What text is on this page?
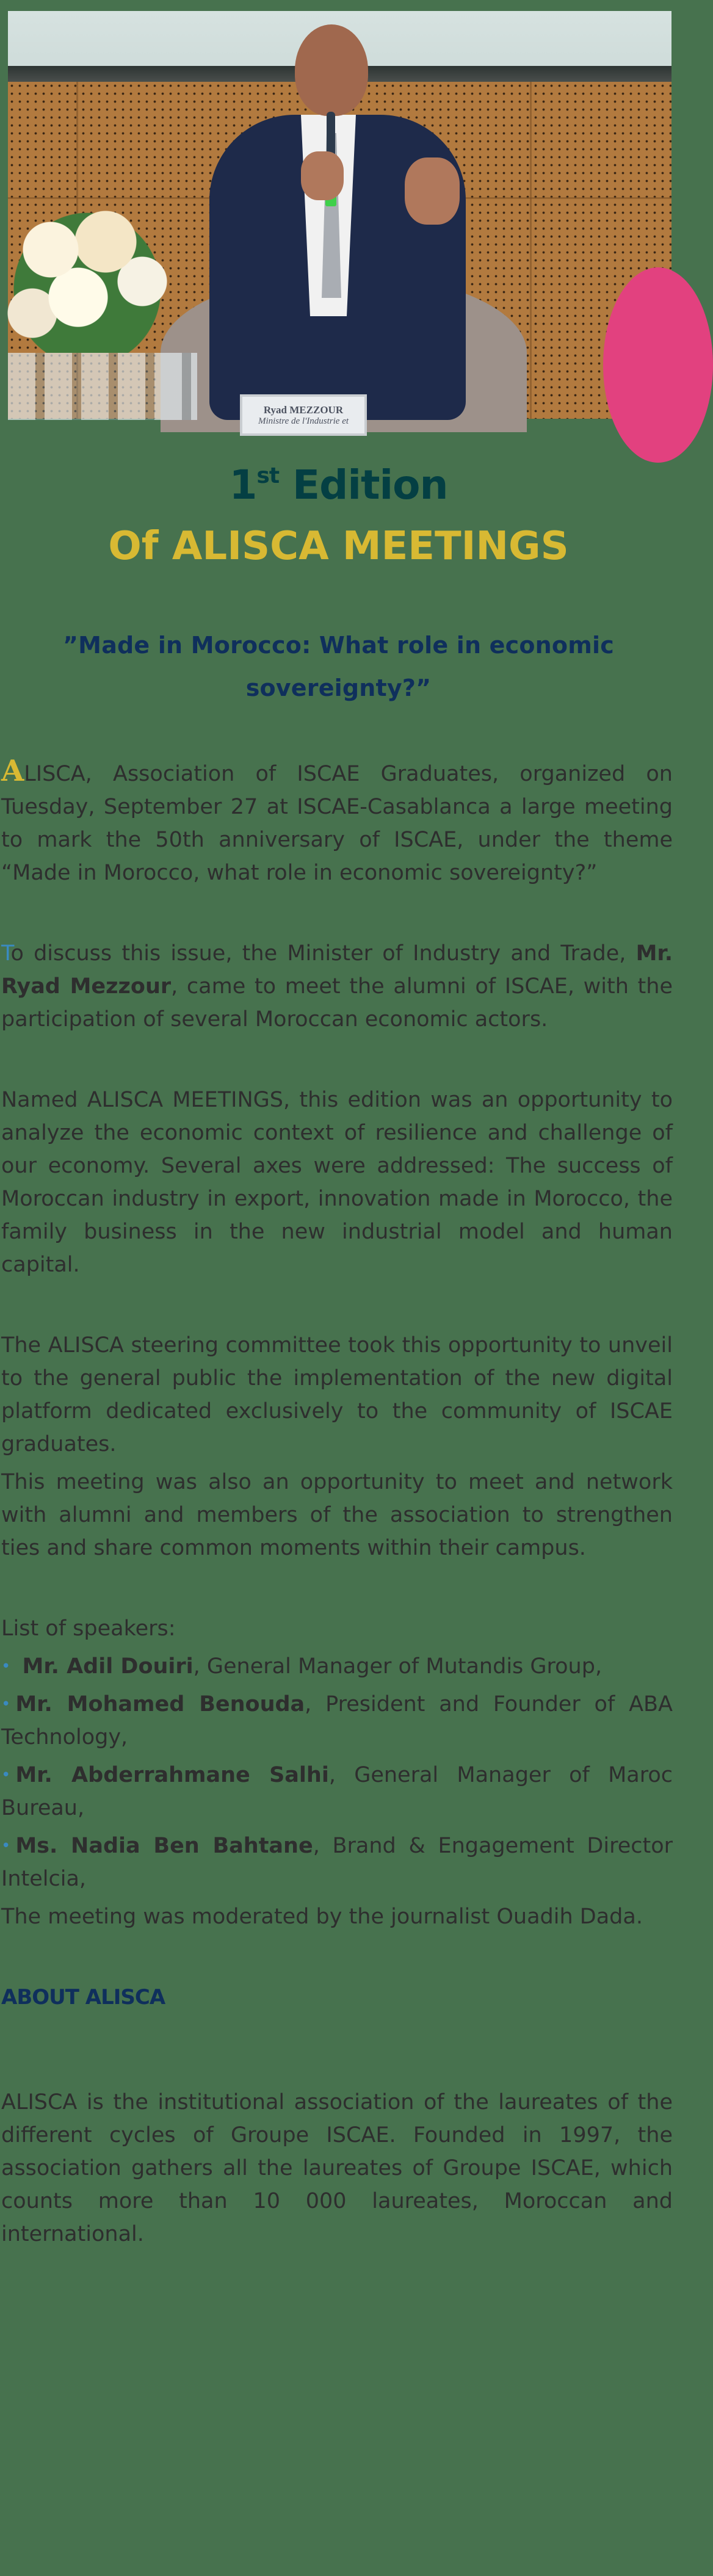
Ryad MEZZOUR
Ministre de l'Industrie et
1st Edition
Of ALISCA MEETINGS
”Made in Morocco: What role in economic sovereignty?”

ALISCA, Association of ISCAE Graduates, organized on Tuesday, September 27 at ISCAE-Casablanca a large meeting to mark the 50th anniversary of ISCAE, under the theme “Made in Morocco, what role in economic sovereignty?”

To discuss this issue, the Minister of Industry and Trade, Mr. Ryad Mezzour, came to meet the alumni of ISCAE, with the participation of several Moroccan economic actors.

Named ALISCA MEETINGS, this edition was an opportunity to analyze the economic context of resilience and challenge of our economy. Several axes were addressed: The success of Moroccan industry in export, innovation made in Morocco, the family business in the new industrial model and human capital.

The ALISCA steering committee took this opportunity to unveil to the general public the implementation of the new digital platform dedicated exclusively to the community of ISCAE graduates.

This meeting was also an opportunity to meet and network with alumni and members of the association to strengthen ties and share common moments within their campus.

List of speakers:

• Mr. Adil Douiri, General Manager of Mutandis Group,

• Mr. Mohamed Benouda, President and Founder of ABA Technology,

• Mr. Abderrahmane Salhi, General Manager of Maroc Bureau,

• Ms. Nadia Ben Bahtane, Brand & Engagement Director Intelcia,

The meeting was moderated by the journalist Ouadih Dada.

ABOUT ALISCA

ALISCA is the institutional association of the laureates of the different cycles of Groupe ISCAE. Founded in 1997, the association gathers all the laureates of Groupe ISCAE, which counts more than 10 000 laureates, Moroccan and international.
